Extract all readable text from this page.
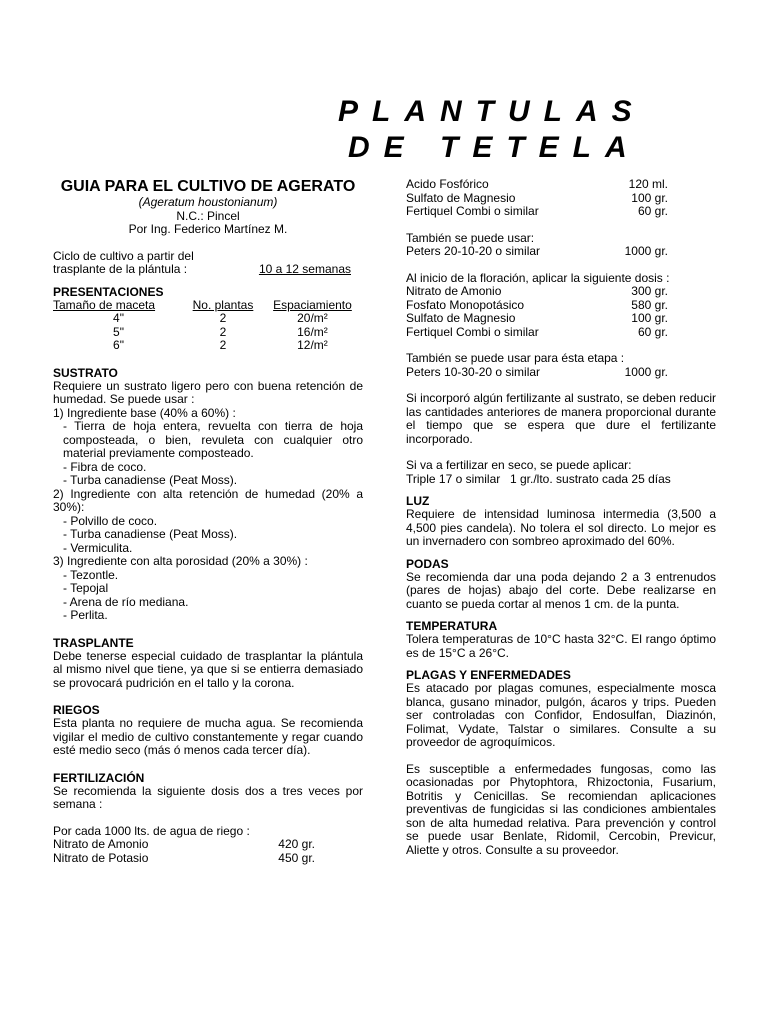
PLANTULAS
DE TETELA
GUIA PARA EL CULTIVO DE AGERATO
(Ageratum houstonianum)
N.C.: Pincel
Por Ing. Federico Martínez M.
Ciclo de cultivo a partir del
trasplante de la plántula :	10 a 12 semanas
PRESENTACIONES
Tamaño de maceta	No. plantas	Espaciamiento
4"	2	20/m²
5"	2	16/m²
6"	2	12/m²
SUSTRATO

Requiere un sustrato ligero pero con buena retención de humedad. Se puede usar :

1) Ingrediente base (40% a 60%) :
- Tierra de hoja entera, revuelta con tierra de hoja composteada, o bien, revuleta con cualquier otro material previamente composteado.
- Fibra de coco.
- Turba canadiense (Peat Moss).
2) Ingrediente con alta retención de humedad (20% a 30%):
- Polvillo de coco.
- Turba canadiense (Peat Moss).
- Vermiculita.
3) Ingrediente con alta porosidad (20% a 30%) :
- Tezontle.
- Tepojal
- Arena de río mediana.
- Perlita.
TRASPLANTE

Debe tenerse especial cuidado de trasplantar la plántula al mismo nivel que tiene, ya que si se entierra demasiado se provocará pudrición en el tallo y la corona.

RIEGOS

Esta planta no requiere de mucha agua. Se recomienda vigilar el medio de cultivo constantemente y regar cuando esté medio seco (más ó menos cada tercer día).

FERTILIZACIÓN

Se recomienda la siguiente dosis dos a tres veces por semana :

Por cada 1000 lts. de agua de riego :
Nitrato de Amonio	420 gr.
Nitrato de Potasio	450 gr.
Acido Fosfórico	120 ml.
Sulfato de Magnesio	100 gr.
Fertiquel Combi o similar	60 gr.
También se puede usar:
Peters 20-10-20 o similar	1000 gr.
Al inicio de la floración, aplicar la siguiente dosis :
Nitrato de Amonio	300 gr.
Fosfato Monopotásico	580 gr.
Sulfato de Magnesio	100 gr.
Fertiquel Combi o similar	60 gr.
También se puede usar para ésta etapa :
Peters 10-30-20 o similar	1000 gr.

Si incorporó algún fertilizante al sustrato, se deben reducir las cantidades anteriores de manera proporcional durante el tiempo que se espera que dure el fertilizante incorporado.

Si va a fertilizar en seco, se puede aplicar:
Triple 17 o similar 1 gr./lto. sustrato cada 25 días
LUZ

Requiere de intensidad luminosa intermedia (3,500 a 4,500 pies candela). No tolera el sol directo. Lo mejor es un invernadero con sombreo aproximado del 60%.

PODAS

Se recomienda dar una poda dejando 2 a 3 entrenudos (pares de hojas) abajo del corte. Debe realizarse en cuanto se pueda cortar al menos 1 cm. de la punta.

TEMPERATURA

Tolera temperaturas de 10°C hasta 32°C. El rango óptimo es de 15°C a 26°C.

PLAGAS Y ENFERMEDADES

Es atacado por plagas comunes, especialmente mosca blanca, gusano minador, pulgón, ácaros y trips. Pueden ser controladas con Confidor, Endosulfan, Diazinón, Folimat, Vydate, Talstar o similares. Consulte a su proveedor de agroquímicos.

Es susceptible a enfermedades fungosas, como las ocasionadas por Phytophtora, Rhizoctonia, Fusarium, Botritis y Cenicillas. Se recomiendan aplicaciones preventivas de fungicidas si las condiciones ambientales son de alta humedad relativa. Para prevención y control se puede usar Benlate, Ridomil, Cercobin, Previcur, Aliette y otros. Consulte a su proveedor.
